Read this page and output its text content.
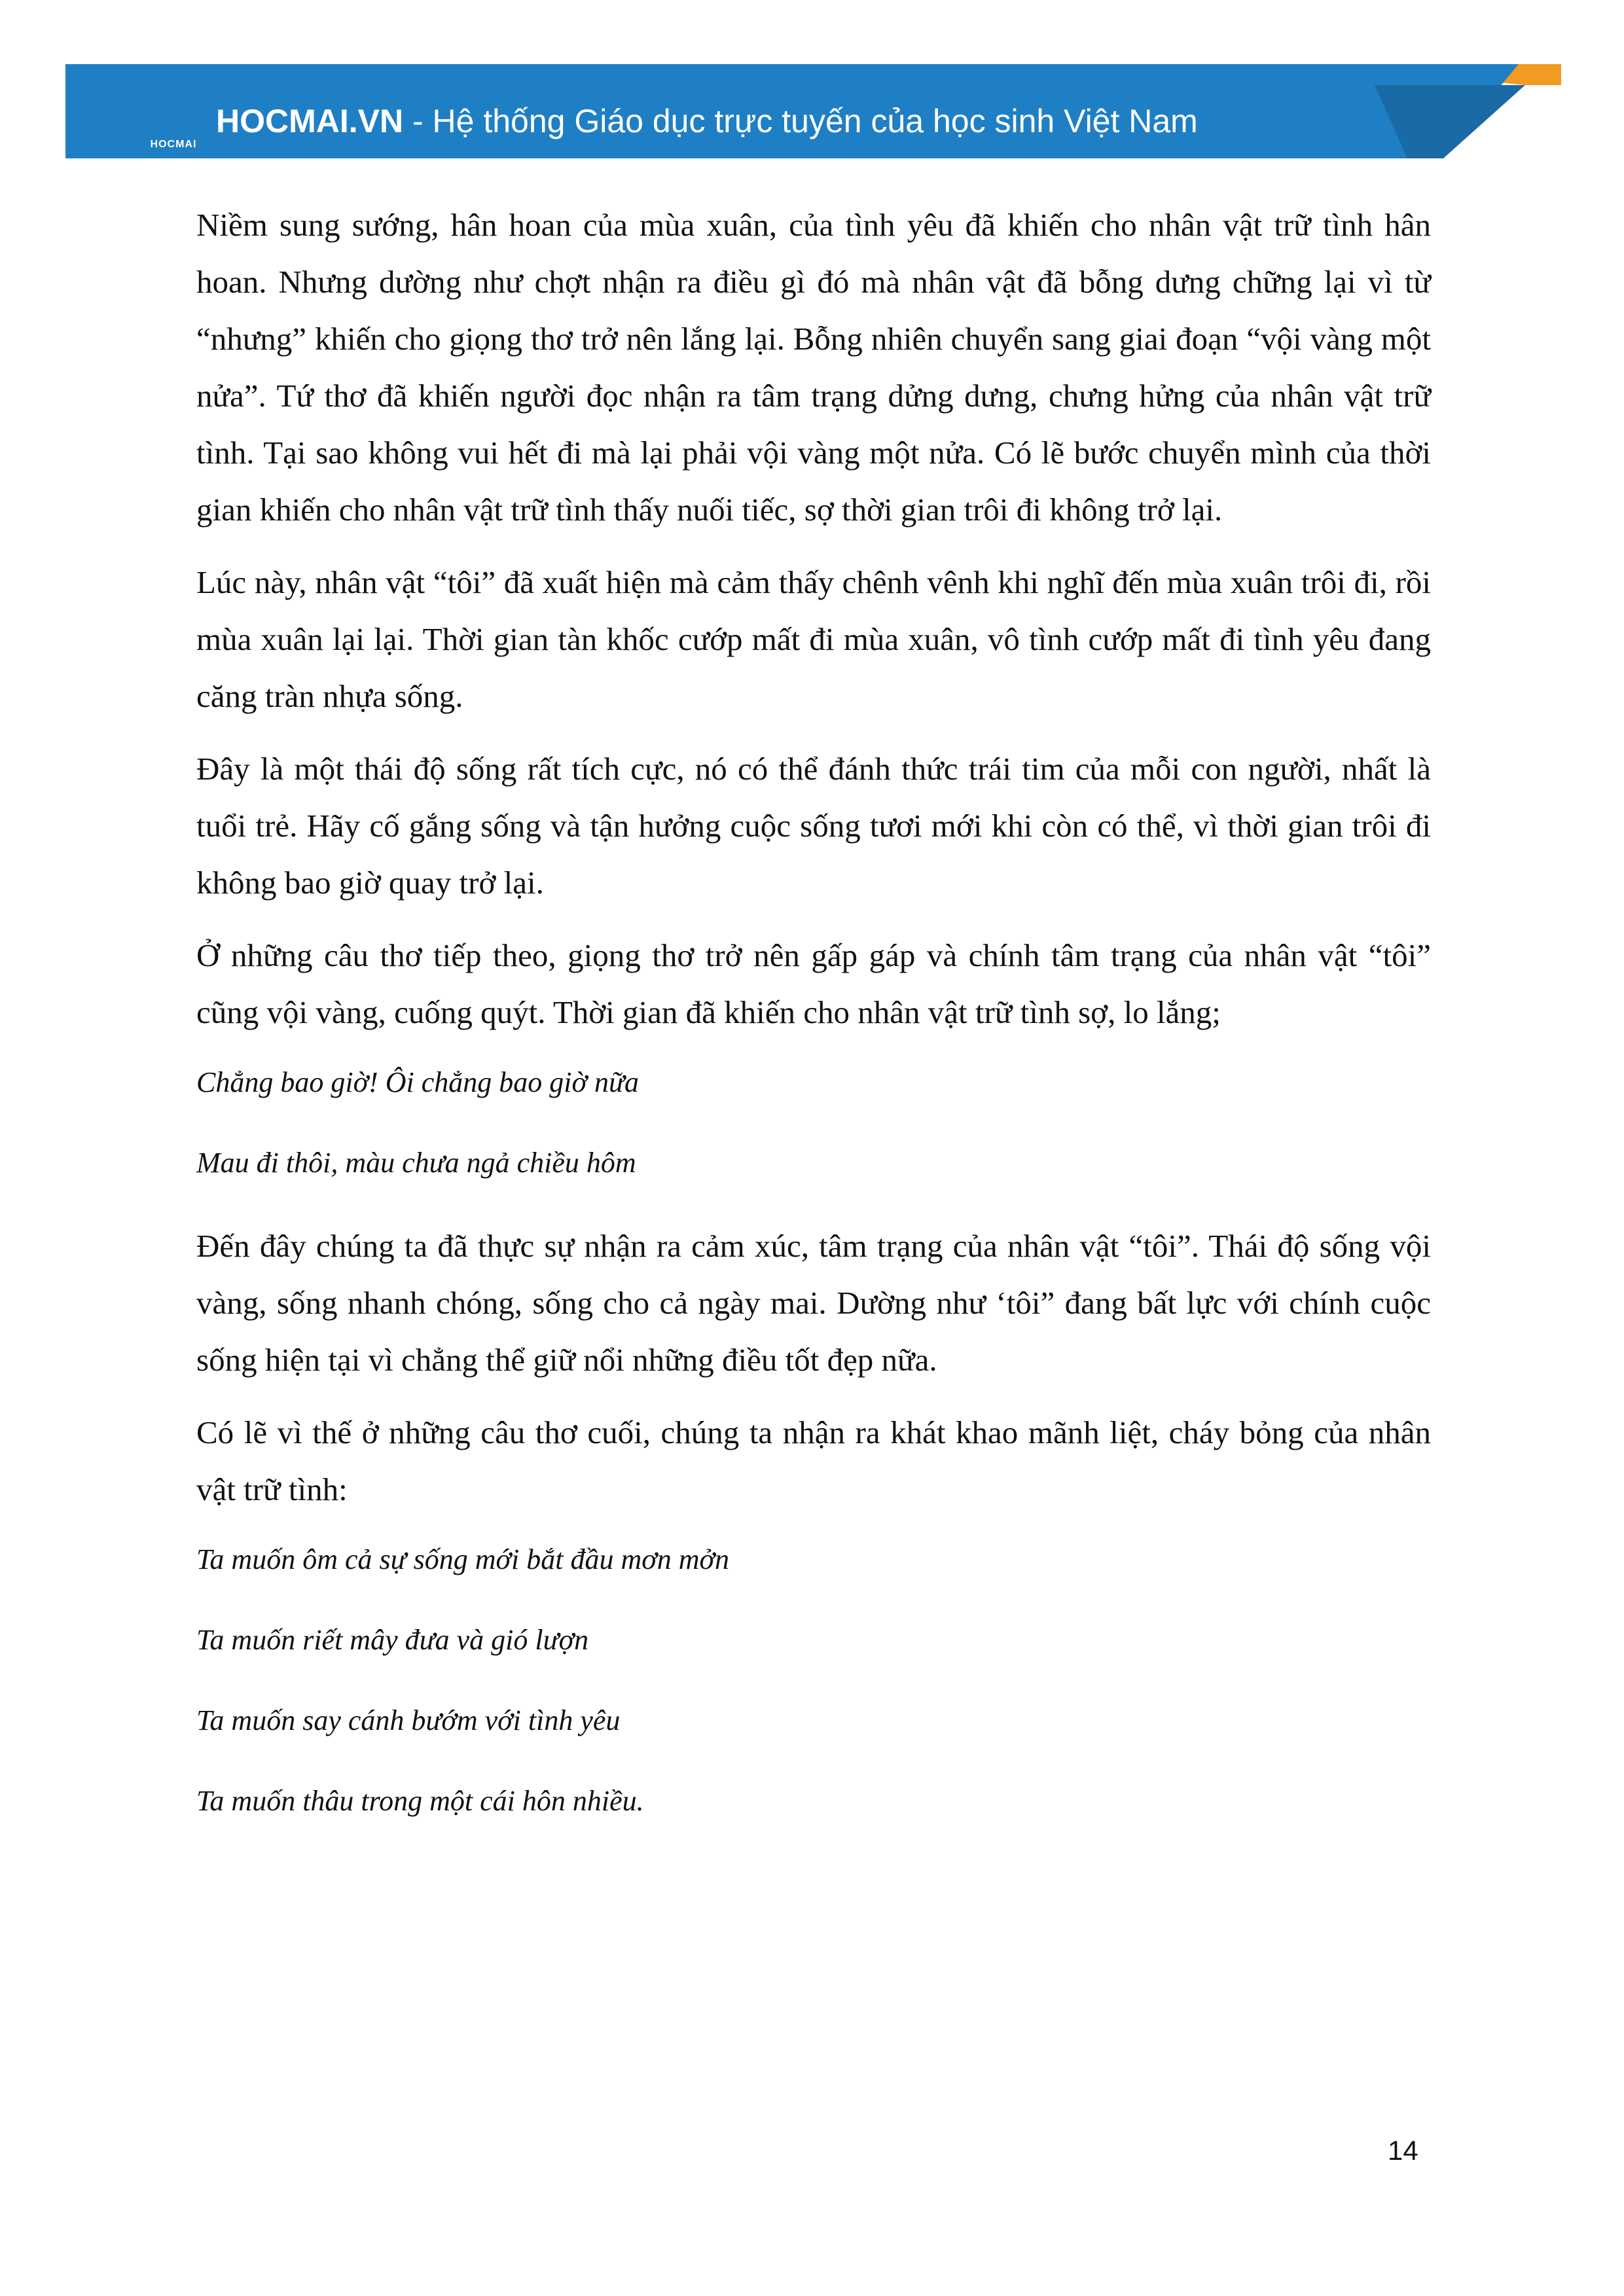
HOCMAI
HOCMAI.VN - Hệ thống Giáo dục trực tuyến của học sinh Việt Nam

Niềm sung sướng, hân hoan của mùa xuân, của tình yêu đã khiến cho nhân vật trữ tình hân hoan. Nhưng dường như chợt nhận ra điều gì đó mà nhân vật đã bỗng dưng chững lại vì từ “nhưng” khiến cho giọng thơ trở nên lắng lại. Bỗng nhiên chuyển sang giai đoạn “vội vàng một nửa”. Tứ thơ đã khiến người đọc nhận ra tâm trạng dửng dưng, chưng hửng của nhân vật trữ tình. Tại sao không vui hết đi mà lại phải vội vàng một nửa. Có lẽ bước chuyển mình của thời gian khiến cho nhân vật trữ tình thấy nuối tiếc, sợ thời gian trôi đi không trở lại.

Lúc này, nhân vật “tôi” đã xuất hiện mà cảm thấy chênh vênh khi nghĩ đến mùa xuân trôi đi, rồi mùa xuân lại lại. Thời gian tàn khốc cướp mất đi mùa xuân, vô tình cướp mất đi tình yêu đang căng tràn nhựa sống.

Đây là một thái độ sống rất tích cực, nó có thể đánh thức trái tim của mỗi con người, nhất là tuổi trẻ. Hãy cố gắng sống và tận hưởng cuộc sống tươi mới khi còn có thể, vì thời gian trôi đi không bao giờ quay trở lại.

Ở những câu thơ tiếp theo, giọng thơ trở nên gấp gáp và chính tâm trạng của nhân vật “tôi” cũng vội vàng, cuống quýt. Thời gian đã khiến cho nhân vật trữ tình sợ, lo lắng;

Chẳng bao giờ! Ôi chẳng bao giờ nữa

Mau đi thôi, màu chưa ngả chiều hôm

Đến đây chúng ta đã thực sự nhận ra cảm xúc, tâm trạng của nhân vật “tôi”. Thái độ sống vội vàng, sống nhanh chóng, sống cho cả ngày mai. Dường như ‘tôi” đang bất lực với chính cuộc sống hiện tại vì chẳng thể giữ nổi những điều tốt đẹp nữa.

Có lẽ vì thế ở những câu thơ cuối, chúng ta nhận ra khát khao mãnh liệt, cháy bỏng của nhân vật trữ tình:

Ta muốn ôm cả sự sống mới bắt đầu mơn mởn

Ta muốn riết mây đưa và gió lượn

Ta muốn say cánh bướm với tình yêu

Ta muốn thâu trong một cái hôn nhiều.

14
